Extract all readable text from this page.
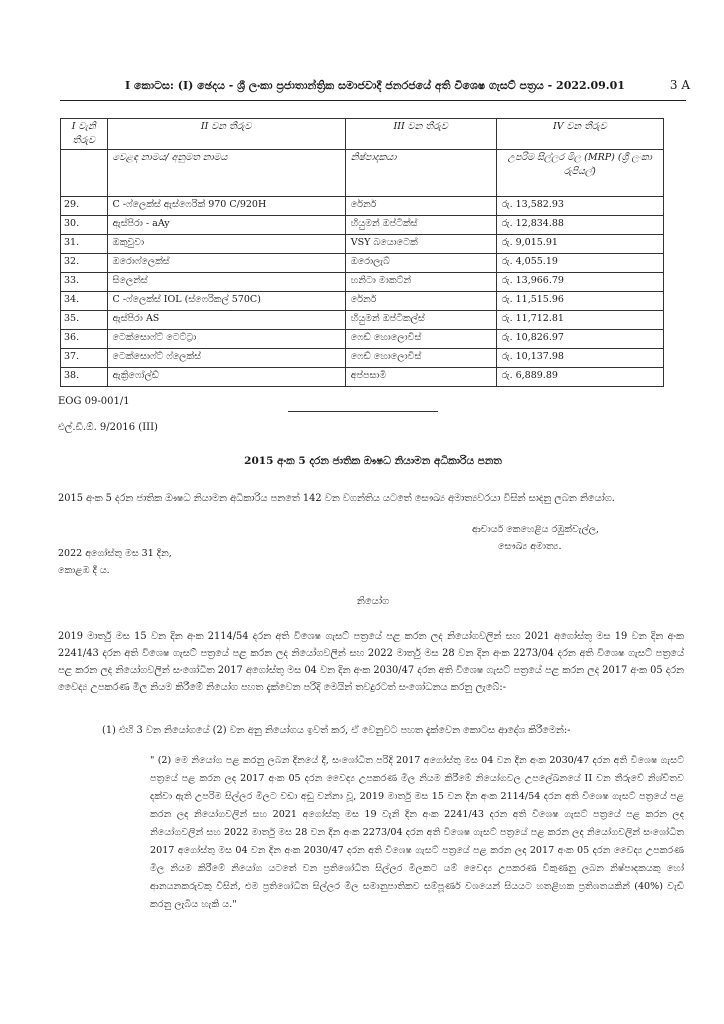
I කොටස: (I) ඡෙදය - ශ්‍රී ලංකා ප්‍රජාතාන්ත්‍රික සමාජවාදී ජනරජයේ අති විශෙෂ ගැසට් පත්‍රය - 2022.09.01	3 A
I වැනි තීරුව	II වන තීරුව	III වන තීරුව	IV වන තීරුව
	වෙළඳ නාමය/ අනුමත නාමය	නිෂ්පාදකයා	උපරිම සිල්ලර මිල (MRP) (ශ්‍රී ලංකා රුපියල්)
29.	C -ෆ්ලෙක්ස් ඇස්ෆෙරික් 970 C/920H	රේනර්	රු. 13,582.93
30.	ඇස්පිරා - aAy	හියුමන් ඔප්ටික්ස්	රු. 12,834.88
31.	ඔකුවුවා	VSY බයොටෙක්	රු. 9,015.91
32.	ඔරොෆ්ලෙක්ස්	ඔරොලැබ්	රු. 4,055.19
33.	සිලෙන්ස්	හනිටා මාකට්න්	රු. 13,966.79
34.	C -ෆ්ලෙක්ස් IOL (ස්ෆෙරිකල් 570C)	රේනර්	රු. 11,515.96
35.	ඇස්පිරා AS	හියුමන් ඔප්ටිකල්ස්	රු. 11,712.81
36.	ටෙක්සොෆ්ට් ටෙට්ට්‍රා	ෆෙඩ් හොලොවිස්	රු. 10,826.97
37.	ටෙක්සොෆ්ට් ෆ්ලෙක්ස්	ෆෙඩ් හොලොවිස්	රු. 10,137.98
38.	ඇක්‍රිෆෝල්ඩ්	අප්පසාමි	රු. 6,889.89
EOG 09-001/1
එල්.ඩී.ඕ. 9/2016 (III)
2015 අංක 5 දරන ජාතික ඖෂධ නියාමන අධිකාරිය පනත
2015 අංක 5 දරන ජාතික ඖෂධ නියාමන අධිකාරිය පනතේ 142 වන වගන්තිය යටතේ සෞඛ්‍ය අමාත්‍යවරයා විසින් සාදනු ලබන නියෝග.
ආචාර්ය කෙහෙළිය රඹුක්වැල්ල,
සෞඛ්‍ය අමාත්‍ය.
2022 අගෝස්තු මස 31 දින,
කොළඹ දී ය.
නියෝග
2019 මාර්තු මස 15 වන දින අංක 2114/54 දරන අති විශෙෂ ගැසට් පත්‍රයේ පළ කරන ලද නියෝගවලින් සහ 2021 අගෝස්තු මස 19 වන දින අංක 2241/43 දරන අති විශෙෂ ගැසට් පත්‍රයේ පළ කරන ලද නියෝගවලින් සහ 2022 මාර්තු මස 28 වන දින අංක 2273/04 දරන අති විශෙෂ ගැසට් පත්‍රයේ පළ කරන ලද නියෝගවලින් සංශෝධිත 2017 අගෝස්තු මස 04 වන දින අංක 2030/47 දරන අති විශෙෂ ගැසට් පත්‍රයේ පළ කරන ලද 2017 අංක 05 දරන වෛද්‍ය උපකරණ මිල නියම කිරීමේ නියෝග පහත දැක්වෙන පරිදි මෙයින් තවදුරටත් සංශෝධනය කරනු ලැබේ:-
(1) එහි 3 වන නියෝගයේ (2) වන අනු නියෝගය ඉවත් කර, ඒ වෙනුවට පහත දැක්වෙන කොටස ආදේශ කිරීමෙන්:-
" (2) මෙ නියෝග පළ කරනු ලබන දිනයේ දී, සංශෝධිත පරිදි 2017 අගෝස්තු මස 04 වන දින අංක 2030/47 දරන අති විශෙෂ ගැසට් පත්‍රයේ පළ කරන ලද 2017 අංක 05 දරන වෛද්‍ය උපකරණ මිල නියම කිරීමේ නියෝගවල උපලේඛනයේ II වන තීරුවේ නිශ්චිතව දක්වා ඇති උපරිම සිල්ලර මිලට වඩා අඩු වන්නා වූ, 2019 මාර්තු මස 15 වන දින අංක 2114/54 දරන අති විශෙෂ ගැසට් පත්‍රයේ පළ කරන ලද නියෝගවලින් සහ 2021 අගෝස්තු මස 19 වැනි දින අංක 2241/43 දරන අති විශෙෂ ගැසට් පත්‍රයේ පළ කරන ලද නියෝගවලින් සහ 2022 මාර්තු මස 28 වන දින අංක 2273/04 දරන අති විශෙෂ ගැසට් පත්‍රයේ පළ කරන ලද නියෝගවලින් සංශෝධිත 2017 අගෝස්තු මස 04 වන දින අංක 2030/47 දරන අති විශෙෂ ගැසට් පත්‍රයේ පළ කරන ලද 2017 අංක 05 දරන වෛද්‍ය උපකරණ මිල නියම කිරීමේ නියෝග යටතේ වන ප්‍රතිශෝධිත සිල්ලර මිලකට යම් වෛද්‍ය උපකරණ විකුණනු ලබන නිෂ්පාදකයකු හෝ ආනයනකරුවකු විසින්, එම ප්‍රතිශෝධිත සිල්ලර මිල සමානුපාතිකව සම්පූර්ණ වශයෙන් සියයට හතළිහක ප්‍රතිශතයකින් (40%) වැඩි කරනු ලැබිය හැකි ය."
